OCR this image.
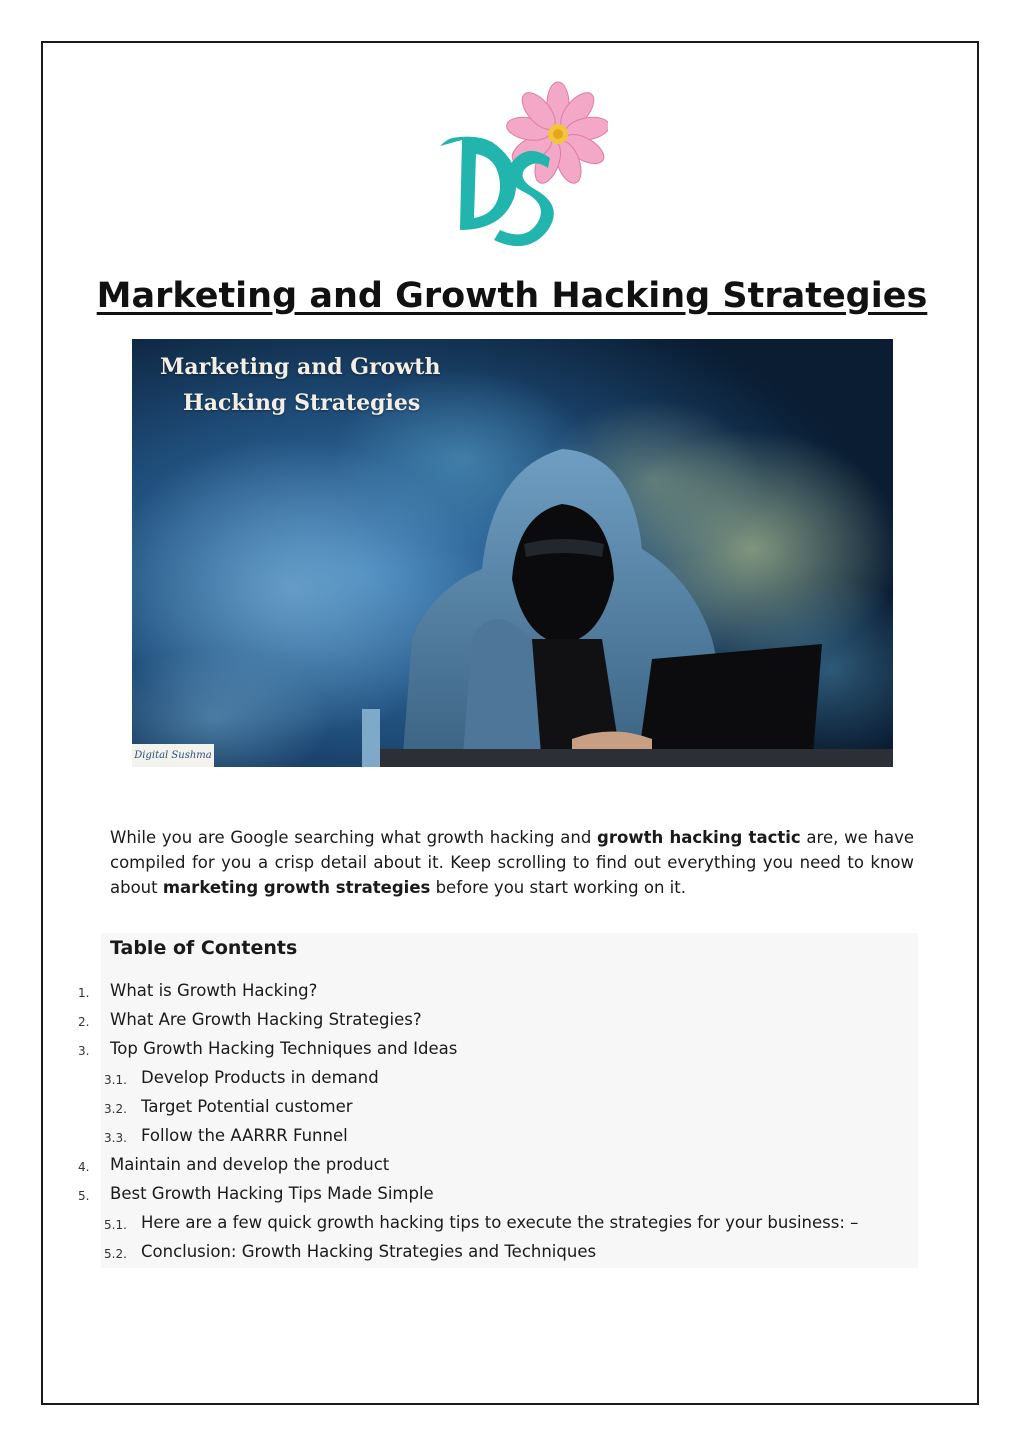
Marketing and Growth Hacking Strategies
Marketing and Growth
Hacking Strategies
Digital Sushma
While you are Google searching what growth hacking and growth hacking tactic are, we have compiled for you a crisp detail about it. Keep scrolling to find out everything you need to know about marketing growth strategies before you start working on it.
Table of Contents
1. What is Growth Hacking?
2. What Are Growth Hacking Strategies?
3. Top Growth Hacking Techniques and Ideas
3.1. Develop Products in demand
3.2. Target Potential customer
3.3. Follow the AARRR Funnel
4. Maintain and develop the product
5. Best Growth Hacking Tips Made Simple
5.1. Here are a few quick growth hacking tips to execute the strategies for your business: –
5.2. Conclusion: Growth Hacking Strategies and Techniques
